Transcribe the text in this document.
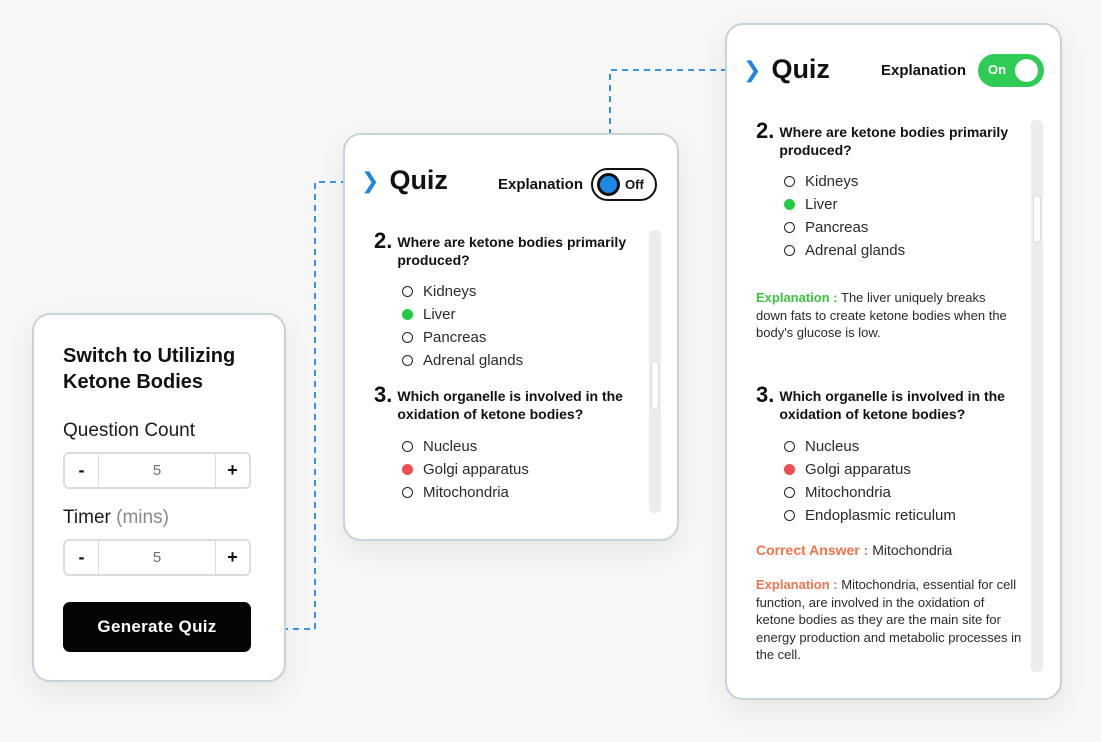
Switch to Utilizing Ketone Bodies
Question Count
-	5	+
Timer (mins)
-	5	+
Generate Quiz
❯ Quiz	Explanation	Off
2. Where are ketone bodies primarily produced?
Kidneys
Liver
Pancreas
Adrenal glands
3. Which organelle is involved in the oxidation of ketone bodies?
Nucleus
Golgi apparatus
Mitochondria
❯ Quiz	Explanation On
2. Where are ketone bodies primarily produced?
Kidneys
Liver
Pancreas
Adrenal glands
Explanation : The liver uniquely breaks down fats to create ketone bodies when the body's glucose is low.
3. Which organelle is involved in the oxidation of ketone bodies?
Nucleus
Golgi apparatus
Mitochondria
Endoplasmic reticulum
Correct Answer : Mitochondria
Explanation : Mitochondria, essential for cell function, are involved in the oxidation of ketone bodies as they are the main site for energy production and metabolic processes in the cell.
